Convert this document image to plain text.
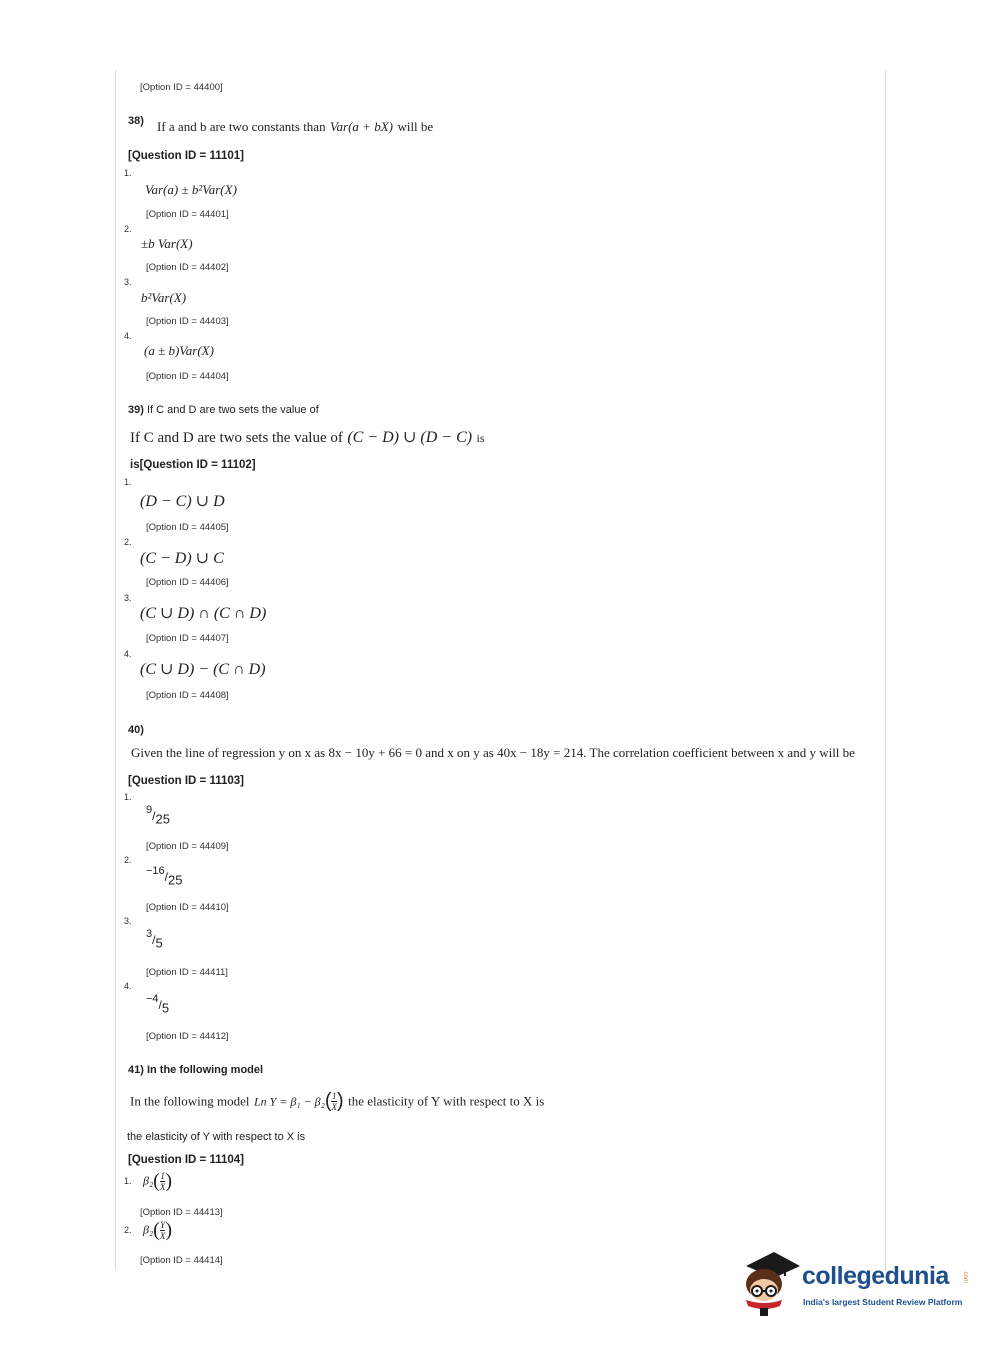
[Option ID = 44400]
38) If a and b are two constants than Var(a + bX) will be
[Question ID = 11101]
1.
Var(a) ± b²Var(X)
[Option ID = 44401]
2.
±b Var(X)
[Option ID = 44402]
3.
b²Var(X)
[Option ID = 44403]
4.
(a ± b)Var(X)
[Option ID = 44404]
39) If C and D are two sets the value of
If C and D are two sets the value of (C − D) ∪ (D − C) is
is[Question ID = 11102]
1.
(D − C) ∪ D
[Option ID = 44405]
2.
(C − D) ∪ C
[Option ID = 44406]
3.
(C ∪ D) ∩ (C ∩ D)
[Option ID = 44407]
4.
(C ∪ D) − (C ∩ D)
[Option ID = 44408]
40)
Given the line of regression y on x as 8x − 10y + 66 = 0 and x on y as 40x − 18y = 214. The correlation coefficient between x and y will be
[Question ID = 11103]
1.
$^9/_{25}$
[Option ID = 44409]
2.
$^{-16}/_{25}$
[Option ID = 44410]
3.
$^3/_5$
[Option ID = 44411]
4.
$^{-4}/_5$
[Option ID = 44412]
41) In the following model
In the following model Ln $Y = \beta_1 - \beta_2( \frac{1}{X}$ ) the elasticity of Y with respect to X is
the elasticity of Y with respect to X is
[Question ID = 11104]
1. $\beta_2( \frac{1}{X}$ )
[Option ID = 44413]
2. $\beta_2( \frac{Y}{X}$ )
[Option ID = 44414]
collegedunia .com
India's largest Student Review Platform
